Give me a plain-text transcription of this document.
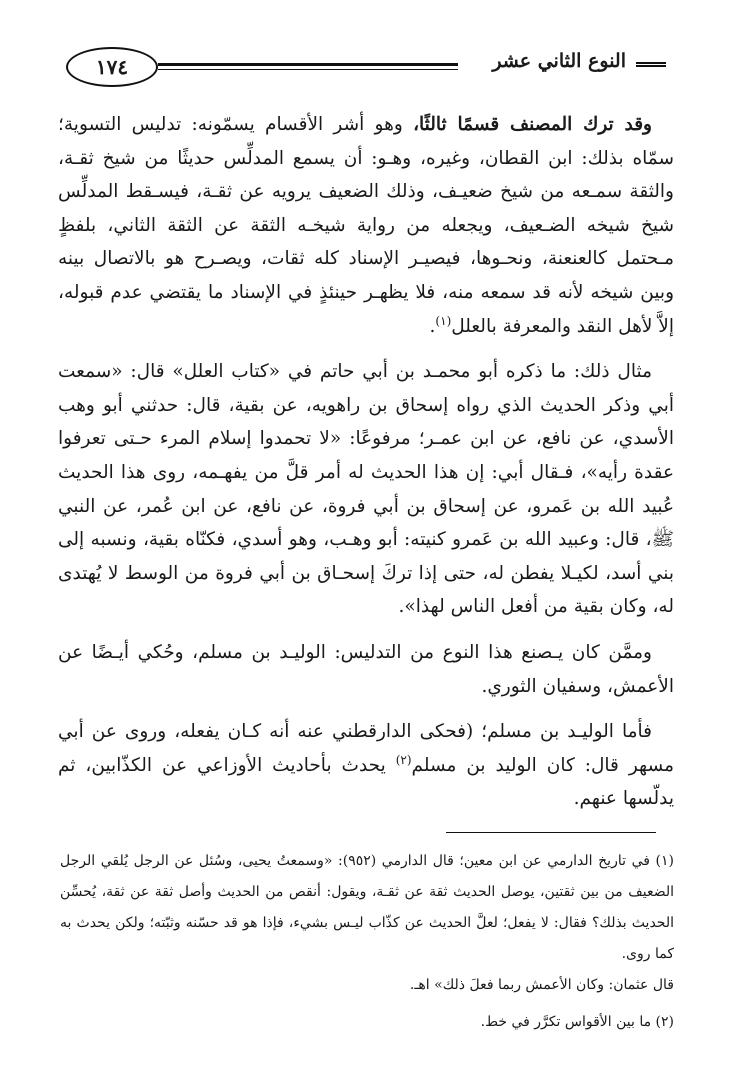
النوع الثاني عشر
١٧٤

وقد ترك المصنف قسمًا ثالثًا، وهو أشر الأقسام يسمّونه: تدليس التسوية؛ سمّاه بذلك: ابن القطان، وغيره، وهـو: أن يسمع المدلِّس حديثًا من شيخ ثقـة، والثقة سمـعه من شيخ ضعيـف، وذلك الضعيف يرويه عن ثقـة، فيسـقط المدلِّس شيخ شيخه الضـعيف، ويجعله من رواية شيخـه الثقة عن الثقة الثاني، بلفظٍ مـحتمل كالعنعنة، ونحـوها، فيصيـر الإسناد كله ثقات، ويصـرح هو بالاتصال بينه وبين شيخه لأنه قد سمعه منه، فلا يظهـر حينئذٍ في الإسناد ما يقتضي عدم قبوله، إلاَّ لأهل النقد والمعرفة بالعلل$^{(١)}$.

مثال ذلك: ما ذكره أبو محمـد بن أبي حاتم في «كتاب العلل» قال: «سمعت أبي وذكر الحديث الذي رواه إسحاق بن راهويه، عن بقية، قال: حدثني أبو وهب الأسدي، عن نافع، عن ابن عمـر؛ مرفوعًا: «لا تحمدوا إسلام المرء حـتى تعرفوا عقدة رأيه»، فـقال أبي: إن هذا الحديث له أمر قلَّ من يفهـمه، روى هذا الحديث عُبيد الله بن عَمرو، عن إسحاق بن أبي فروة، عن نافع، عن ابن عُمر، عن النبي ﷺ، قال: وعبيد الله بن عَمرو كنيته: أبو وهـب، وهو أسدي، فكنّاه بقية، ونسبه إلى بني أسد، لكيـلا يفطن له، حتى إذا تركَ إسحـاق بن أبي فروة من الوسط لا يُهتدى له، وكان بقية من أفعل الناس لهذا».

وممَّن كان يـصنع هذا النوع من التدليس: الوليـد بن مسلم، وحُكي أيـضًا عن الأعمش، وسفيان الثوري.

فأما الوليـد بن مسلم؛ (فحكى الدارقطني عنه أنه كـان يفعله، وروى عن أبي مسهر قال: كان الوليد بن مسلم$^{(٢)}$ يحدث بأحاديث الأوزاعي عن الكذّابين، ثم يدلّسها عنهم.

(١) في تاريخ الدارمي عن ابن معين؛ قال الدارمي (٩٥٢): «وسمعتُ يحيى، وسُئل عن الرجل يُلقي الرجل الضعيف من بين ثقتين، يوصل الحديث ثقة عن ثقـة، ويقول: أنقص من الحديث وأصل ثقة عن ثقة، يُحسِّن الحديث بذلك؟ فقال: لا يفعل؛ لعلَّ الحديث عن كذّاب ليـس بشيء، فإذا هو قد حسّنه وثبّته؛ ولكن يحدث به كما روى.

قال عثمان: وكان الأعمش ربما فعلَ ذلك» اهـ.

(٢) ما بين الأقواس تكرَّر في خط.
